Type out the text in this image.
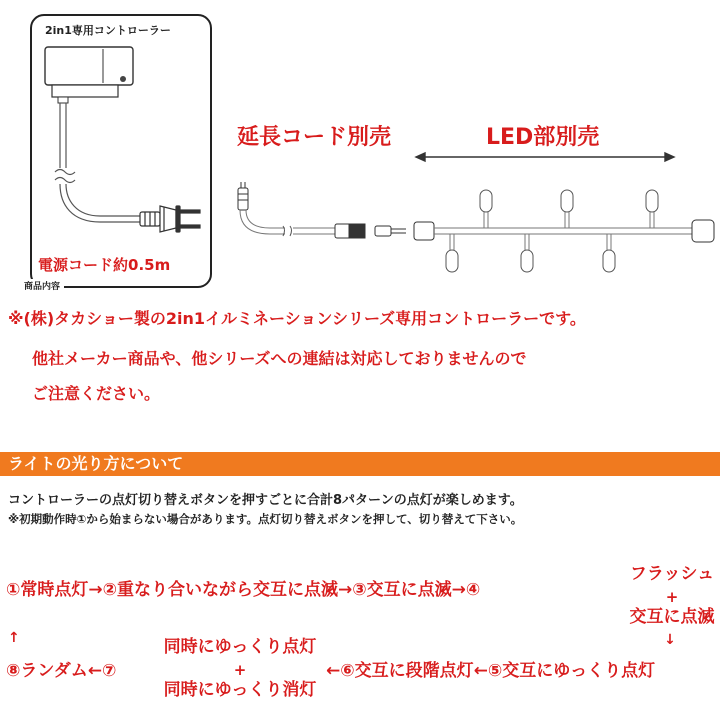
2in1専用コントローラー
電源コード約0.5m
商品内容
延長コード別売	LED部別売
※(株)タカショー製の2in1イルミネーションシリーズ専用コントローラーです。
他社メーカー商品や、他シリーズへの連結は対応しておりませんので
ご注意ください。
ライトの光り方について
コントローラーの点灯切り替えボタンを押すごとに合計8パターンの点灯が楽しめます。
※初期動作時①から始まらない場合があります。点灯切り替えボタンを押して、切り替えて下さい。
①常時点灯→②重なり合いながら交互に点滅→③交互に点滅→④
フラッシュ
+
交互に点滅
↓
↑
⑧ランダム←⑦
同時にゆっくり点灯
+
同時にゆっくり消灯
←⑥交互に段階点灯←⑤交互にゆっくり点灯
